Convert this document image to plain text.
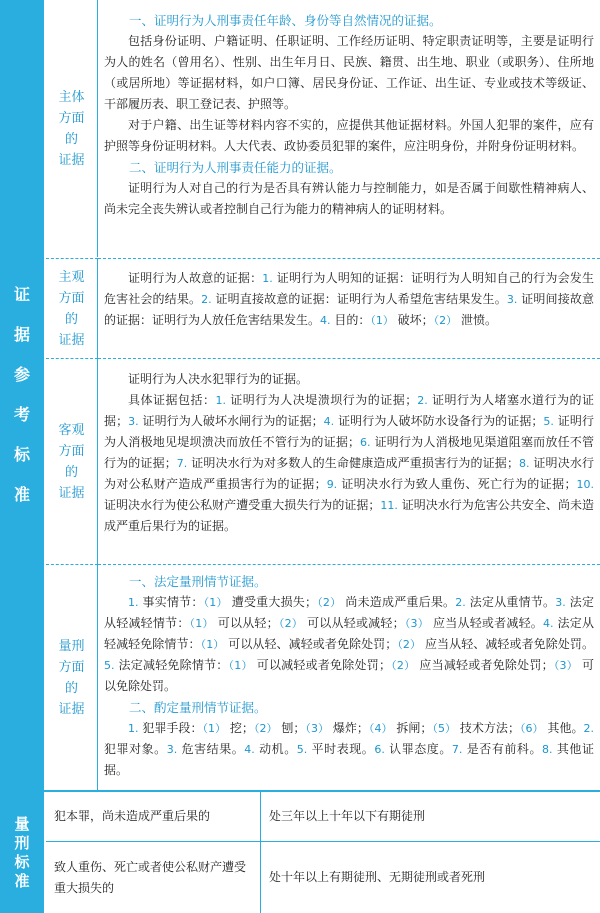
证
据
参
考
标
准
主体
方面
的
证据
一、证明行为人刑事责任年龄、身份等自然情况的证据。

包括身份证明、户籍证明、任职证明、工作经历证明、特定职责证明等，主要是证明行为人的姓名（曾用名）、性别、出生年月日、民族、籍贯、出生地、职业（或职务）、住所地（或居所地）等证据材料，如户口簿、居民身份证、工作证、出生证、专业或技术等级证、干部履历表、职工登记表、护照等。

对于户籍、出生证等材料内容不实的，应提供其他证据材料。外国人犯罪的案件，应有护照等身份证明材料。人大代表、政协委员犯罪的案件，应注明身份，并附身份证明材料。

二、证明行为人刑事责任能力的证据。

证明行为人对自己的行为是否具有辨认能力与控制能力，如是否属于间歇性精神病人、尚未完全丧失辨认或者控制自己行为能力的精神病人的证明材料。

主观
方面
的
证据

证明行为人故意的证据：1. 证明行为人明知的证据：证明行为人明知自己的行为会发生危害社会的结果。2. 证明直接故意的证据：证明行为人希望危害结果发生。3. 证明间接故意的证据：证明行为人放任危害结果发生。4. 目的：（1） 破坏；（2） 泄愤。

客观
方面
的
证据

证明行为人决水犯罪行为的证据。

具体证据包括：1. 证明行为人决堤溃坝行为的证据；2. 证明行为人堵塞水道行为的证据；3. 证明行为人破坏水闸行为的证据；4. 证明行为人破坏防水设备行为的证据；5. 证明行为人消极地见堤坝溃决而放任不管行为的证据；6. 证明行为人消极地见渠道阻塞而放任不管行为的证据；7. 证明决水行为对多数人的生命健康造成严重损害行为的证据；8. 证明决水行为对公私财产造成严重损害行为的证据；9. 证明决水行为致人重伤、死亡行为的证据；10. 证明决水行为使公私财产遭受重大损失行为的证据；11. 证明决水行为危害公共安全、尚未造成严重后果行为的证据。

量刑
方面
的
证据
一、法定量刑情节证据。

1. 事实情节：（1） 遭受重大损失；（2） 尚未造成严重后果。2. 法定从重情节。3. 法定从轻减轻情节：（1） 可以从轻；（2） 可以从轻或减轻；（3） 应当从轻或者减轻。4. 法定从轻减轻免除情节：（1） 可以从轻、减轻或者免除处罚；（2） 应当从轻、减轻或者免除处罚。5. 法定减轻免除情节：（1） 可以减轻或者免除处罚；（2） 应当减轻或者免除处罚；（3） 可以免除处罚。

二、酌定量刑情节证据。

1. 犯罪手段：（1） 挖；（2） 刨；（3） 爆炸；（4） 拆闸；（5） 技术方法；（6） 其他。2. 犯罪对象。3. 危害结果。4. 动机。5. 平时表现。6. 认罪态度。7. 是否有前科。8. 其他证据。

量
刑
标
准
犯本罪，尚未造成严重后果的	处三年以上十年以下有期徒刑
致人重伤、死亡或者使公私财产遭受重大损失的
处十年以上有期徒刑、无期徒刑或者死刑
